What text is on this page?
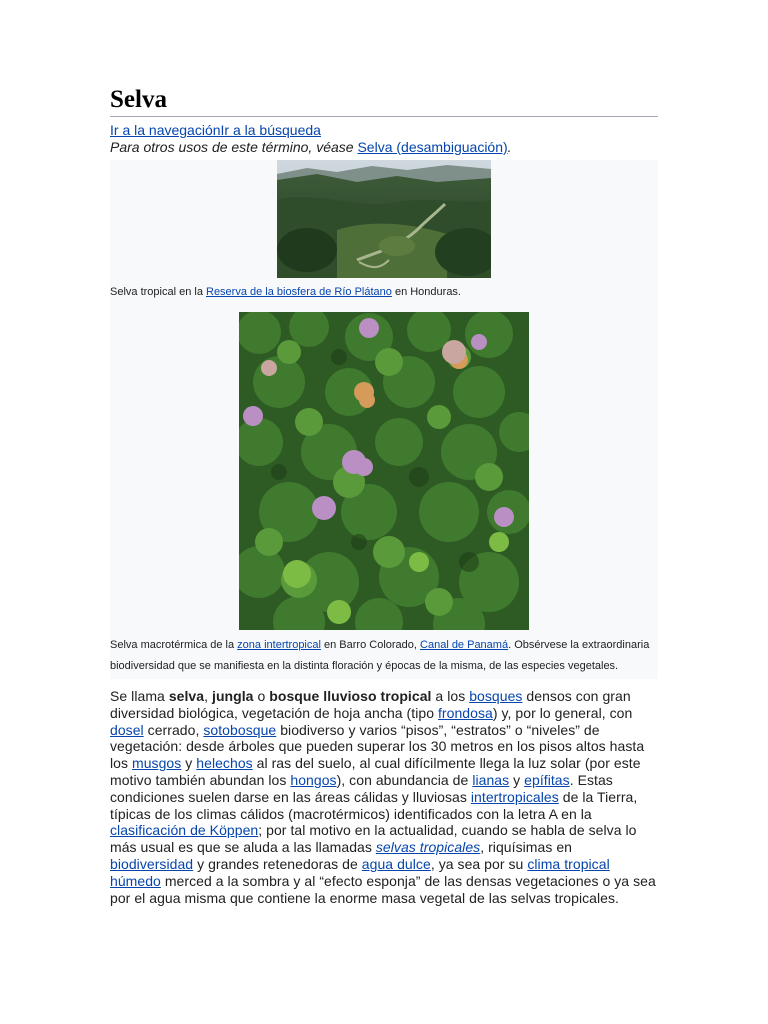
Selva
Ir a la navegaciónIr a la búsqueda
Para otros usos de este término, véase Selva (desambiguación).
Selva tropical en la Reserva de la biosfera de Río Plátano en Honduras.
Selva macrotérmica de la zona intertropical en Barro Colorado, Canal de Panamá. Obsérvese la extraordinaria biodiversidad que se manifiesta en la distinta floración y épocas de la misma, de las especies vegetales.
Se llama selva, jungla o bosque lluvioso tropical a los bosques densos con gran diversidad biológica, vegetación de hoja ancha (tipo frondosa) y, por lo general, con dosel cerrado, sotobosque biodiverso y varios “pisos”, “estratos” o “niveles” de vegetación: desde árboles que pueden superar los 30 metros en los pisos altos hasta los musgos y helechos al ras del suelo, al cual difícilmente llega la luz solar (por este motivo también abundan los hongos), con abundancia de lianas y epífitas. Estas condiciones suelen darse en las áreas cálidas y lluviosas intertropicales de la Tierra, típicas de los climas cálidos (macrotérmicos) identificados con la letra A en la clasificación de Köppen; por tal motivo en la actualidad, cuando se habla de selva lo más usual es que se aluda a las llamadas selvas tropicales, riquísimas en biodiversidad y grandes retenedoras de agua dulce, ya sea por su clima tropical húmedo merced a la sombra y al “efecto esponja” de las densas vegetaciones o ya sea por el agua misma que contiene la enorme masa vegetal de las selvas tropicales.
